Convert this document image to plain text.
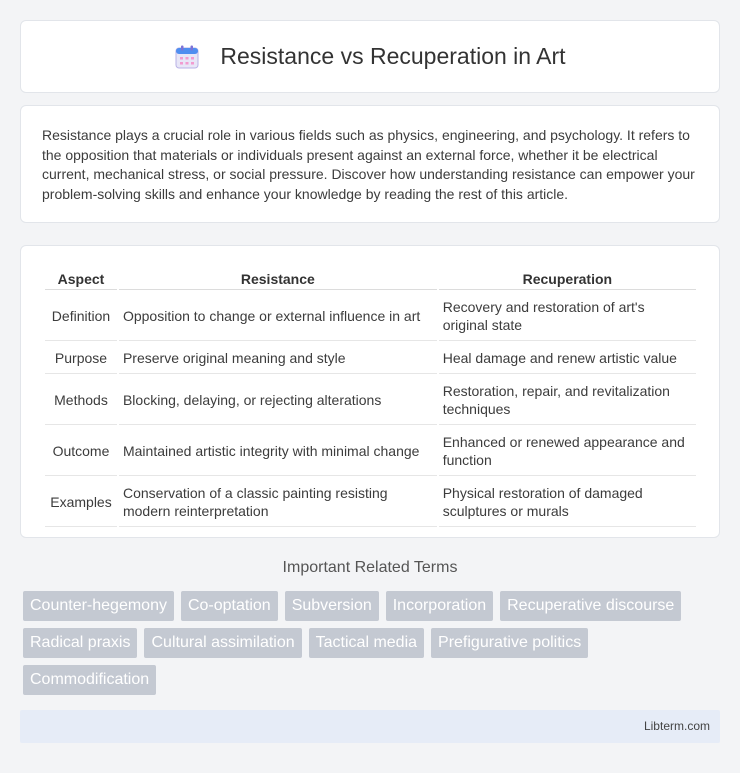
Resistance vs Recuperation in Art

Resistance plays a crucial role in various fields such as physics, engineering, and psychology. It refers to the opposition that materials or individuals present against an external force, whether it be electrical current, mechanical stress, or social pressure. Discover how understanding resistance can empower your problem-solving skills and enhance your knowledge by reading the rest of this article.

Aspect	Resistance	Recuperation
Definition	Opposition to change or external influence in art	Recovery and restoration of art's original state
Purpose	Preserve original meaning and style	Heal damage and renew artistic value
Methods	Blocking, delaying, or rejecting alterations	Restoration, repair, and revitalization techniques
Outcome	Maintained artistic integrity with minimal change	Enhanced or renewed appearance and function
Examples	Conservation of a classic painting resisting modern reinterpretation	Physical restoration of damaged sculptures or murals
Important Related Terms
Counter-hegemony	Co-optation	Subversion	Incorporation	Recuperative discourse
Radical praxis	Cultural assimilation	Tactical media	Prefigurative politics
Commodification
Libterm.com
